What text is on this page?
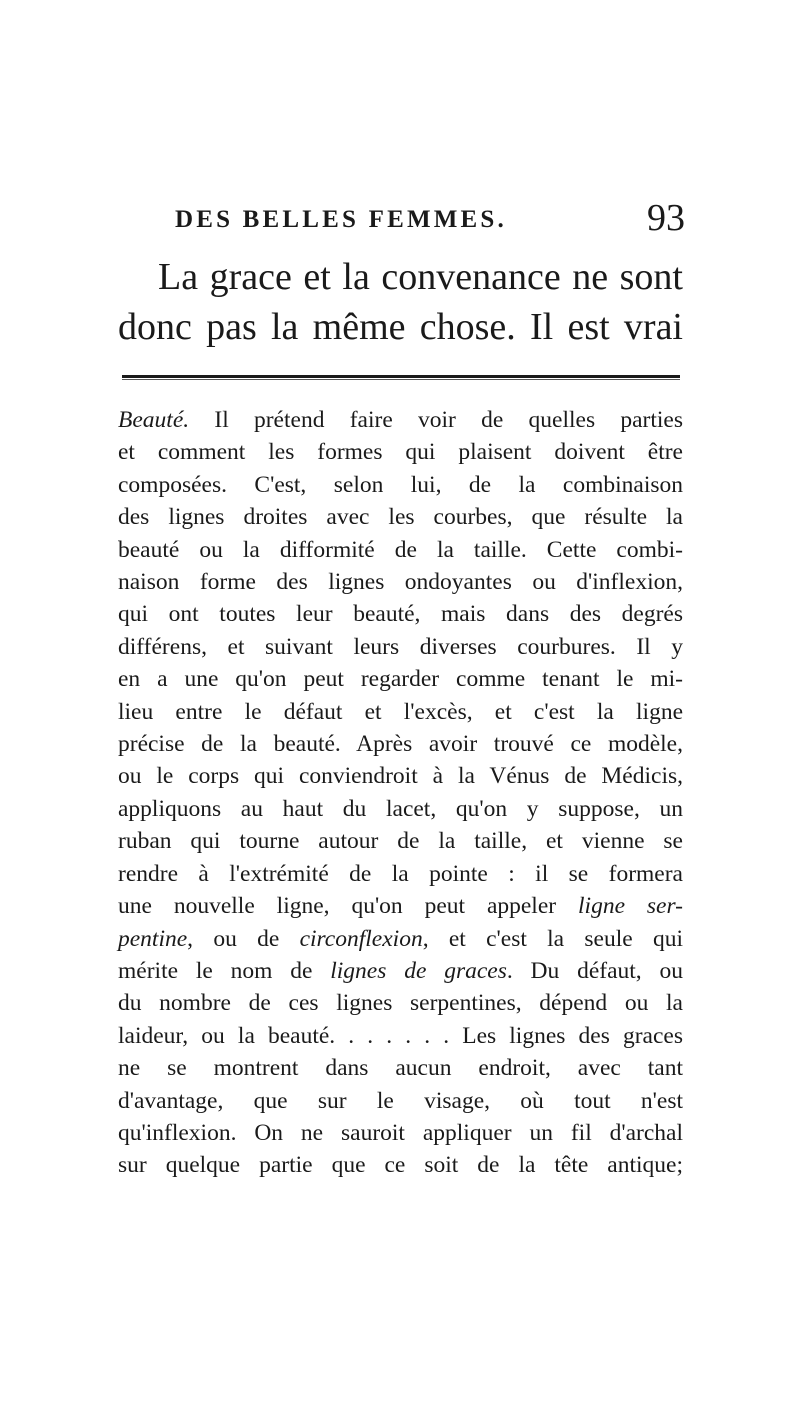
DES BELLES FEMMES.	93
La grace et la convenance ne sont
donc pas la même chose. Il est vrai
Beauté. Il prétend faire voir de quelles parties
et comment les formes qui plaisent doivent être
composées. C'est, selon lui, de la combinaison
des lignes droites avec les courbes, que résulte la
beauté ou la difformité de la taille. Cette combi-
naison forme des lignes ondoyantes ou d'inflexion,
qui ont toutes leur beauté, mais dans des degrés
différens, et suivant leurs diverses courbures. Il y
en a une qu'on peut regarder comme tenant le mi-
lieu entre le défaut et l'excès, et c'est la ligne
précise de la beauté. Après avoir trouvé ce modèle,
ou le corps qui conviendroit à la Vénus de Médicis,
appliquons au haut du lacet, qu'on y suppose, un
ruban qui tourne autour de la taille, et vienne se
rendre à l'extrémité de la pointe : il se formera
une nouvelle ligne, qu'on peut appeler ligne ser-
pentine, ou de circonflexion, et c'est la seule qui
mérite le nom de lignes de graces. Du défaut, ou
du nombre de ces lignes serpentines, dépend ou la
laideur, ou la beauté. . . . . . . Les lignes des graces
ne se montrent dans aucun endroit, avec tant
d'avantage, que sur le visage, où tout n'est
qu'inflexion. On ne sauroit appliquer un fil d'archal
sur quelque partie que ce soit de la tête antique;
